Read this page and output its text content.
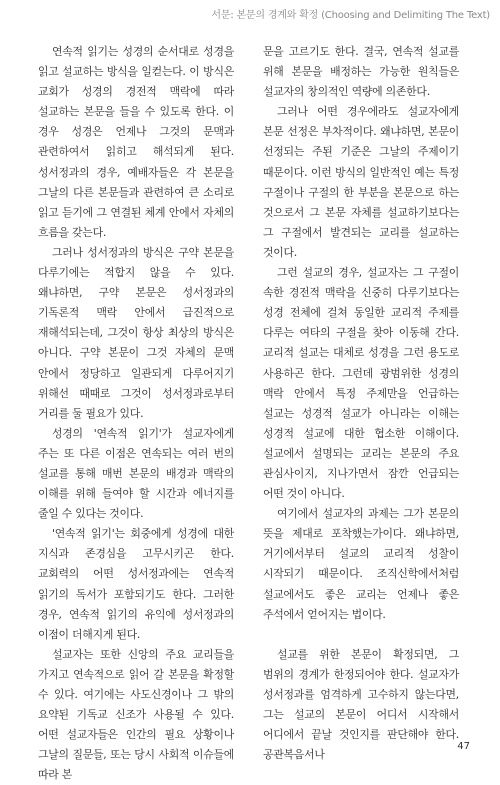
서문: 본문의 경계와 확정 (Choosing and Delimiting The Text)

연속적 읽기는 성경의 순서대로 성경을 읽고 설교하는 방식을 일컫는다. 이 방식은 교회가 성경의 경전적 맥락에 따라 설교하는 본문을 들을 수 있도록 한다. 이 경우 성경은 언제나 그것의 문맥과 관련하여서 읽히고 해석되게 된다. 성서정과의 경우, 예배자들은 각 본문을 그날의 다른 본문들과 관련하여 큰 소리로 읽고 듣기에 그 연결된 체계 안에서 자체의 흐름을 갖는다.

그러나 성서정과의 방식은 구약 본문을 다루기에는 적합지 않을 수 있다. 왜냐하면, 구약 본문은 성서정과의 기독론적 맥락 안에서 급진적으로 재해석되는데, 그것이 항상 최상의 방식은 아니다. 구약 본문이 그것 자체의 문맥 안에서 정당하고 일관되게 다루어지기 위해선 때때로 그것이 성서정과로부터 거리를 둘 필요가 있다.

성경의 '연속적 읽기'가 설교자에게 주는 또 다른 이점은 연속되는 여러 번의 설교를 통해 매번 본문의 배경과 맥락의 이해를 위해 들여야 할 시간과 에너지를 줄일 수 있다는 것이다.

'연속적 읽기'는 회중에게 성경에 대한 지식과 존경심을 고무시키곤 한다. 교회력의 어떤 성서정과에는 연속적 읽기의 독서가 포함되기도 한다. 그러한 경우, 연속적 읽기의 유익에 성서정과의 이점이 더해지게 된다.

설교자는 또한 신앙의 주요 교리들을 가지고 연속적으로 읽어 갈 본문을 확정할 수 있다. 여기에는 사도신경이나 그 밖의 요약된 기독교 신조가 사용될 수 있다. 어떤 설교자들은 인간의 필요 상황이나 그날의 질문들, 또는 당시 사회적 이슈들에 따라 본

문을 고르기도 한다. 결국, 연속적 설교를 위해 본문을 배정하는 가능한 원칙들은 설교자의 창의적인 역량에 의존한다.

그러나 어떤 경우에라도 설교자에게 본문 선정은 부차적이다. 왜냐하면, 본문이 선정되는 주된 기준은 그날의 주제이기 때문이다. 이런 방식의 일반적인 예는 특정 구절이나 구절의 한 부분을 본문으로 하는 것으로서 그 본문 자체를 설교하기보다는 그 구절에서 발견되는 교리를 설교하는 것이다.

그런 설교의 경우, 설교자는 그 구절이 속한 경전적 맥락을 신중히 다루기보다는 성경 전체에 걸쳐 동일한 교리적 주제를 다루는 여타의 구절을 찾아 이동해 간다. 교리적 설교는 대체로 성경을 그런 용도로 사용하곤 한다. 그런데 광범위한 성경의 맥락 안에서 특정 주제만을 언급하는 설교는 성경적 설교가 아니라는 이해는 성경적 설교에 대한 협소한 이해이다. 설교에서 설명되는 교리는 본문의 주요 관심사이지, 지나가면서 잠깐 언급되는 어떤 것이 아니다.

여기에서 설교자의 과제는 그가 본문의 뜻을 제대로 포착했는가이다. 왜냐하면, 거기에서부터 설교의 교리적 성찰이 시작되기 때문이다. 조직신학에서처럼 설교에서도 좋은 교리는 언제나 좋은 주석에서 얻어지는 법이다.

설교를 위한 본문이 확정되면, 그 범위의 경계가 한정되어야 한다. 설교자가 성서정과를 엄격하게 고수하지 않는다면, 그는 설교의 본문이 어디서 시작해서 어디에서 끝날 것인지를 판단해야 한다. 공관복음서나

47
